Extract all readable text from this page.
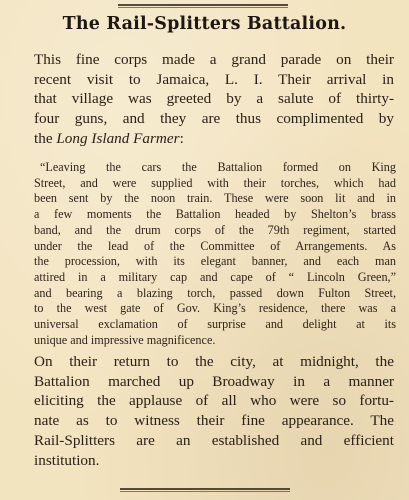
The Rail-Splitters Battalion.
This fine corps made a grand parade on their
recent visit to Jamaica, L. I. Their arrival in
that village was greeted by a salute of thirty-
four guns, and they are thus complimented by
the Long Island Farmer:
“Leaving the cars the Battalion formed on King
Street, and were supplied with their torches, which had
been sent by the noon train. These were soon lit and in
a few moments the Battalion headed by Shelton’s brass
band, and the drum corps of the 79th regiment, started
under the lead of the Committee of Arrangements. As
the procession, with its elegant banner, and each man
attired in a military cap and cape of “ Lincoln Green,”
and bearing a blazing torch, passed down Fulton Street,
to the west gate of Gov. King’s residence, there was a
universal exclamation of surprise and delight at its
unique and impressive magnificence.
On their return to the city, at midnight, the
Battalion marched up Broadway in a manner
eliciting the applause of all who were so fortu-
nate as to witness their fine appearance. The
Rail-Splitters are an established and efficient
institution.
